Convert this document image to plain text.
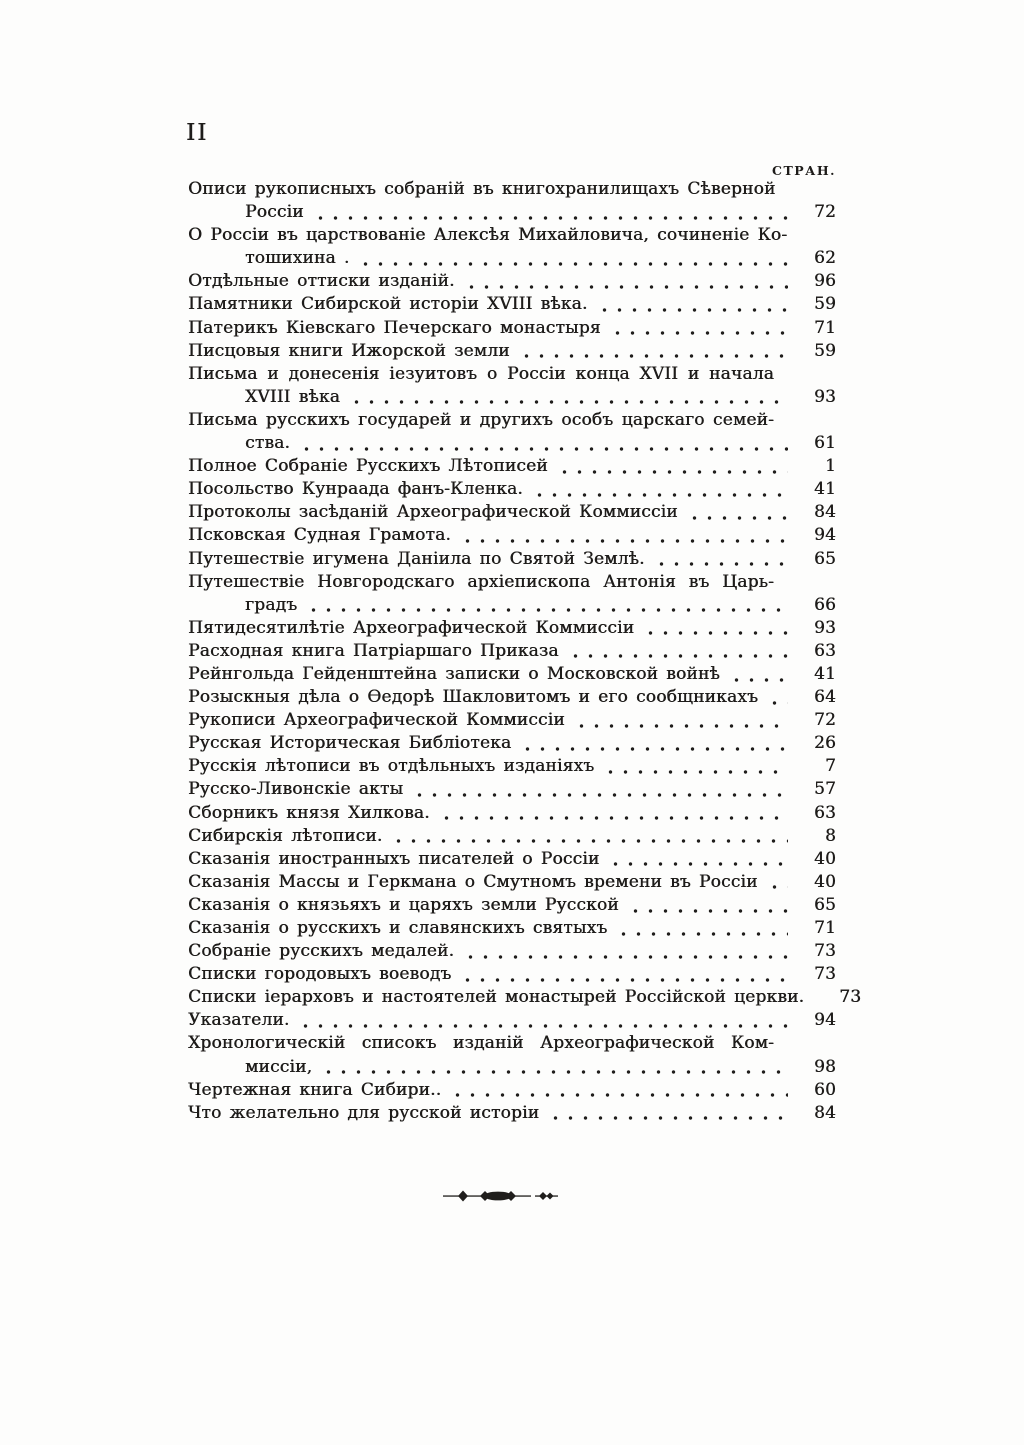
II
СТРАН.
Описи рукописныхъ собраній въ книгохранилищахъ Сѣверной
Россіи	72
О Россіи въ царствованіе Алексѣя Михайловича, сочиненіе Ко-
тошихина .	62
Отдѣльные оттиски изданій.	96
Памятники Сибирской исторіи XVIII вѣка.	59
Патерикъ Кіевскаго Печерскаго монастыря	71
Писцовыя книги Ижорской земли	59
Письма и донесенія іезуитовъ о Россіи конца XVII и начала
XVIII вѣка	93
Письма русскихъ государей и другихъ особъ царскаго семей-
ства.	61
Полное Собраніе Русскихъ Лѣтописей	1
Посольство Кунраада фанъ-Кленка.	41
Протоколы засѣданій Археографической Коммиссіи	84
Псковская Судная Грамота.	94
Путешествіе игумена Даніила по Святой Землѣ.	65
Путешествіе Новгородскаго архіепископа Антонія въ Царь-
градъ	66
Пятидесятилѣтіе Археографической Коммиссіи	93
Расходная книга Патріаршаго Приказа	63
Рейнгольда Гейденштейна записки о Московской войнѣ	41
Розыскныя дѣла о Ѳедорѣ Шакловитомъ и его сообщникахъ	64
Рукописи Археографической Коммиссіи	72
Русская Историческая Библіотека	26
Русскія лѣтописи въ отдѣльныхъ изданіяхъ	7
Русско-Ливонскіе акты	57
Сборникъ князя Хилкова.	63
Сибирскія лѣтописи.	8
Сказанія иностранныхъ писателей о Россіи	40
Сказанія Массы и Геркмана о Смутномъ времени въ Россіи	40
Сказанія о князьяхъ и царяхъ земли Русской	65
Сказанія о русскихъ и славянскихъ святыхъ	71
Собраніе русскихъ медалей.	73
Списки городовыхъ воеводъ	73
Списки іерарховъ и настоятелей монастырей Россійской церкви.	73
Указатели.	94
Хронологическій списокъ изданій Археографической Ком-
миссіи,	98
Чертежная книга Сибири..	60
Что желательно для русской исторіи	84
